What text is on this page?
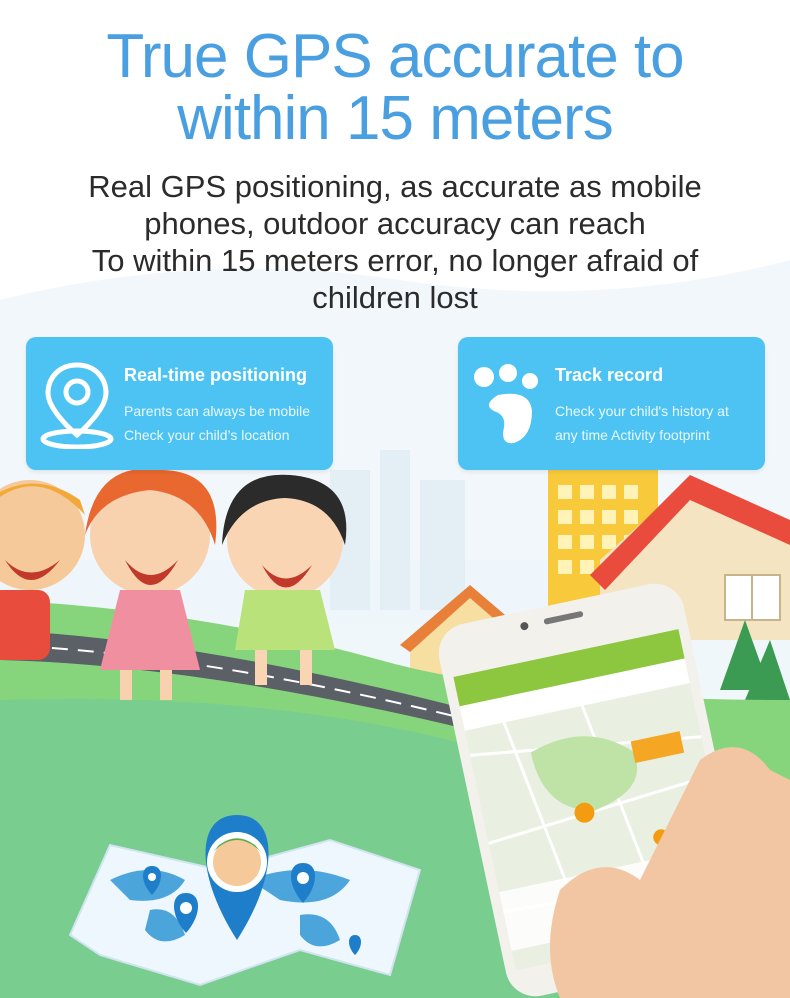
True GPS accurate to
within 15 meters
Real GPS positioning, as accurate as mobile
phones, outdoor accuracy can reach
To within 15 meters error, no longer afraid of
children lost
Real-time positioning
Parents can always be mobile
Check your child’s location
Track record
Check your child's history at
any time Activity footprint
